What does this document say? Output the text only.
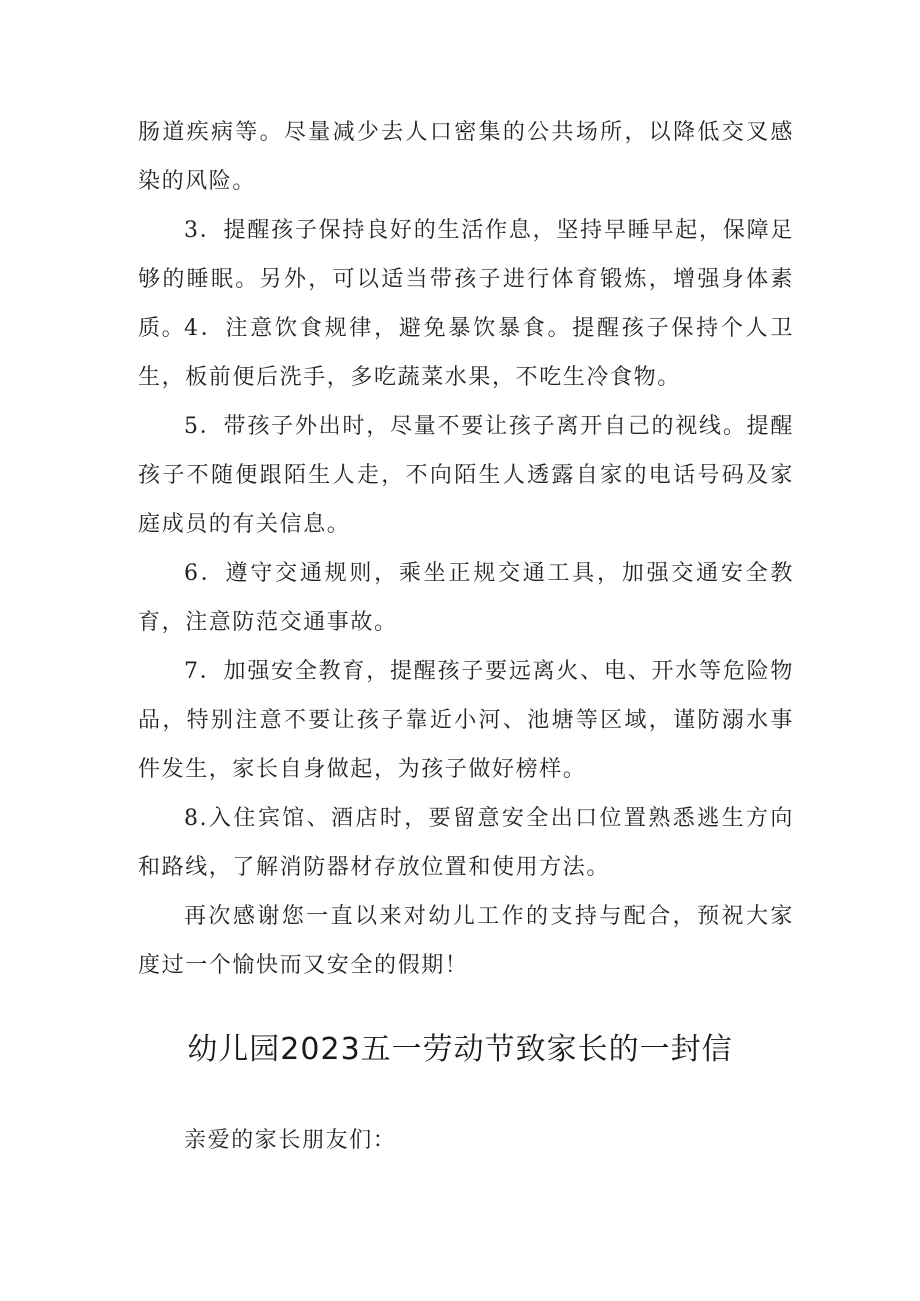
肠道疾病等。尽量减少去人口密集的公共场所，以降低交叉感染的风险。

3．提醒孩子保持良好的生活作息，坚持早睡早起，保障足够的睡眠。另外，可以适当带孩子进行体育锻炼，增强身体素质。

4．注意饮食规律，避免暴饮暴食。提醒孩子保持个人卫生，板前便后洗手，多吃蔬菜水果，不吃生冷食物。

5．带孩子外出时，尽量不要让孩子离开自己的视线。提醒孩子不随便跟陌生人走，不向陌生人透露自家的电话号码及家庭成员的有关信息。

6．遵守交通规则，乘坐正规交通工具，加强交通安全教育，注意防范交通事故。

7．加强安全教育，提醒孩子要远离火、电、开水等危险物品，特别注意不要让孩子靠近小河、池塘等区域，谨防溺水事件发生，家长自身做起，为孩子做好榜样。

8.入住宾馆、酒店时，要留意安全出口位置熟悉逃生方向和路线，了解消防器材存放位置和使用方法。

再次感谢您一直以来对幼儿工作的支持与配合，预祝大家度过一个愉快而又安全的假期！

幼儿园2023五一劳动节致家长的一封信

亲爱的家长朋友们：
